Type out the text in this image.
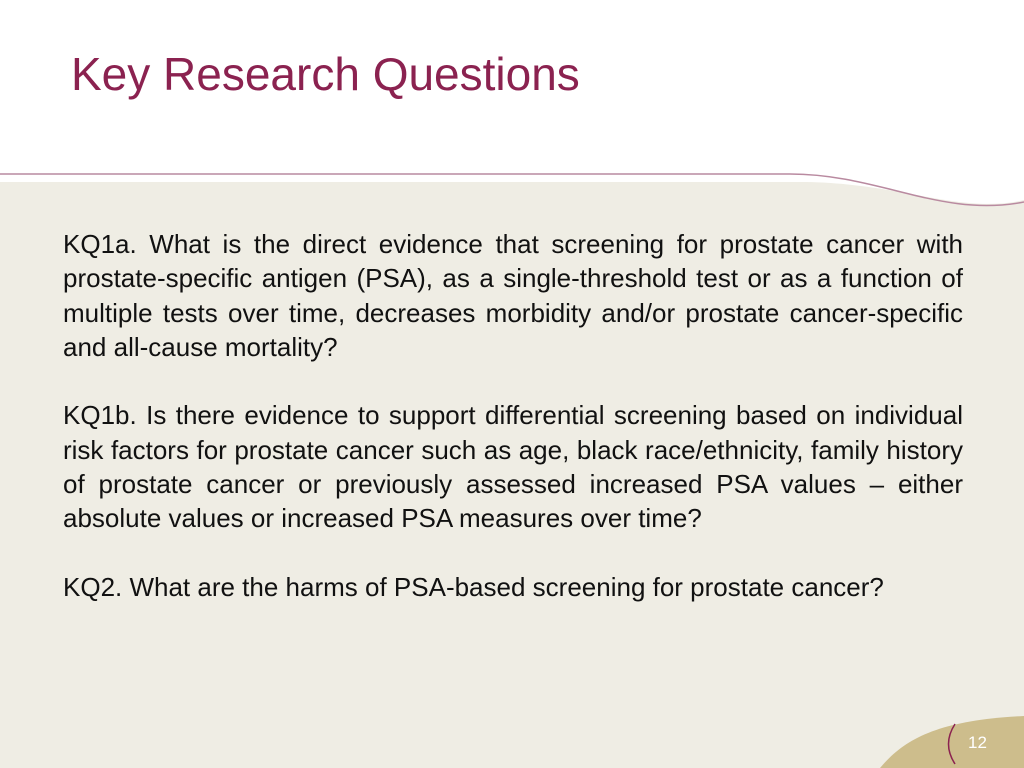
Key Research Questions

KQ1a. What is the direct evidence that screening for prostate cancer with prostate-specific antigen (PSA), as a single-threshold test or as a function of multiple tests over time, decreases morbidity and/or prostate cancer-specific and all-cause mortality?

KQ1b. Is there evidence to support differential screening based on individual risk factors for prostate cancer such as age, black race/ethnicity, family history of prostate cancer or previously assessed increased PSA values – either absolute values or increased PSA measures over time?

KQ2. What are the harms of PSA-based screening for prostate cancer?

12
